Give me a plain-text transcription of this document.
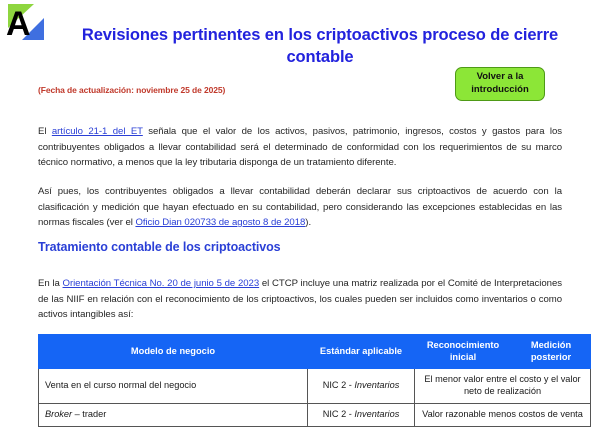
A	Revisiones pertinentes en los criptoactivos proceso de cierre contable
(Fecha de actualización: noviembre 25 de 2025)
Volver a la introducción
El artículo 21-1 del ET señala que el valor de los activos, pasivos, patrimonio, ingresos, costos y gastos para los contribuyentes obligados a llevar contabilidad será el determinado de conformidad con los requerimientos de su marco técnico normativo, a menos que la ley tributaria disponga de un tratamiento diferente.
Así pues, los contribuyentes obligados a llevar contabilidad deberán declarar sus criptoactivos de acuerdo con la clasificación y medición que hayan efectuado en su contabilidad, pero considerando las excepciones establecidas en las normas fiscales (ver el Oficio Dian 020733 de agosto 8 de 2018).
Tratamiento contable de los criptoactivos
En la Orientación Técnica No. 20 de junio 5 de 2023 el CTCP incluye una matriz realizada por el Comité de Interpretaciones de las NIIF en relación con el reconocimiento de los criptoactivos, los cuales pueden ser incluidos como inventarios o como activos intangibles así:
Modelo de negocio	Estándar aplicable	Reconocimiento inicial	Medición posterior
Venta en el curso normal del negocio	NIC 2 - Inventarios	El menor valor entre el costo y el valor neto de realización	
Broker – trader	NIC 2 - Inventarios	Valor razonable menos costos de venta	
